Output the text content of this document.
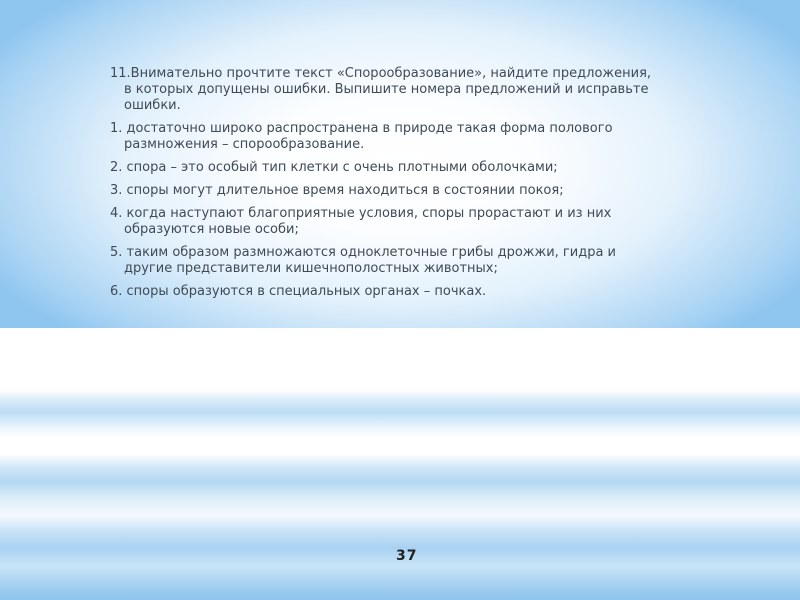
11.Внимательно прочтите текст «Спорообразование», найдите предложения, в которых допущены ошибки. Выпишите номера предложений и исправьте ошибки.

1. достаточно широко распространена в природе такая форма полового размножения – спорообразование.

2. спора – это особый тип клетки с очень плотными оболочками;

3. споры могут длительное время находиться в состоянии покоя;

4. когда наступают благоприятные условия, споры прорастают и из них образуются новые особи;

5. таким образом размножаются одноклеточные грибы дрожжи, гидра и другие представители кишечнополостных животных;

6. споры образуются в специальных органах – почках.

37
